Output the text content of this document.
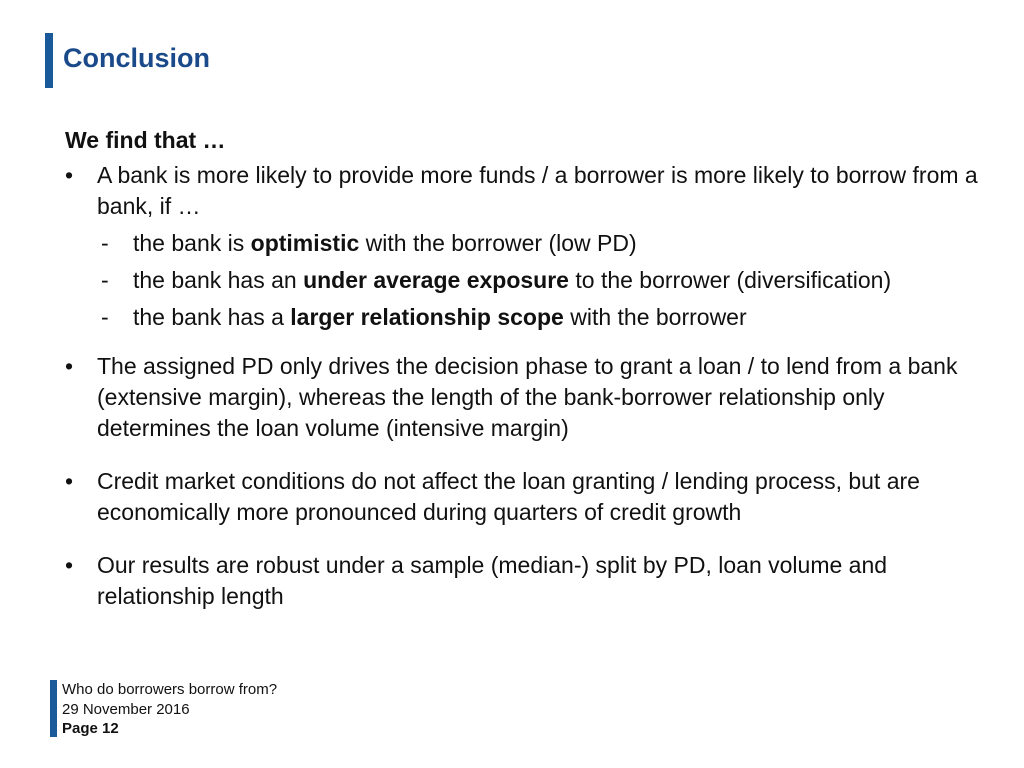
Conclusion
We find that …
•	A bank is more likely to provide more funds / a borrower is more likely to borrow from a bank, if …
- the bank is optimistic with the borrower (low PD)
- the bank has an under average exposure to the borrower (diversification)
- the bank has a larger relationship scope with the borrower
•	The assigned PD only drives the decision phase to grant a loan / to lend from a bank (extensive margin), whereas the length of the bank-borrower relationship only determines the loan volume (intensive margin)
•	Credit market conditions do not affect the loan granting / lending process, but are economically more pronounced during quarters of credit growth
•	Our results are robust under a sample (median-) split by PD, loan volume and relationship length
Who do borrowers borrow from?
29 November 2016
Page 12
